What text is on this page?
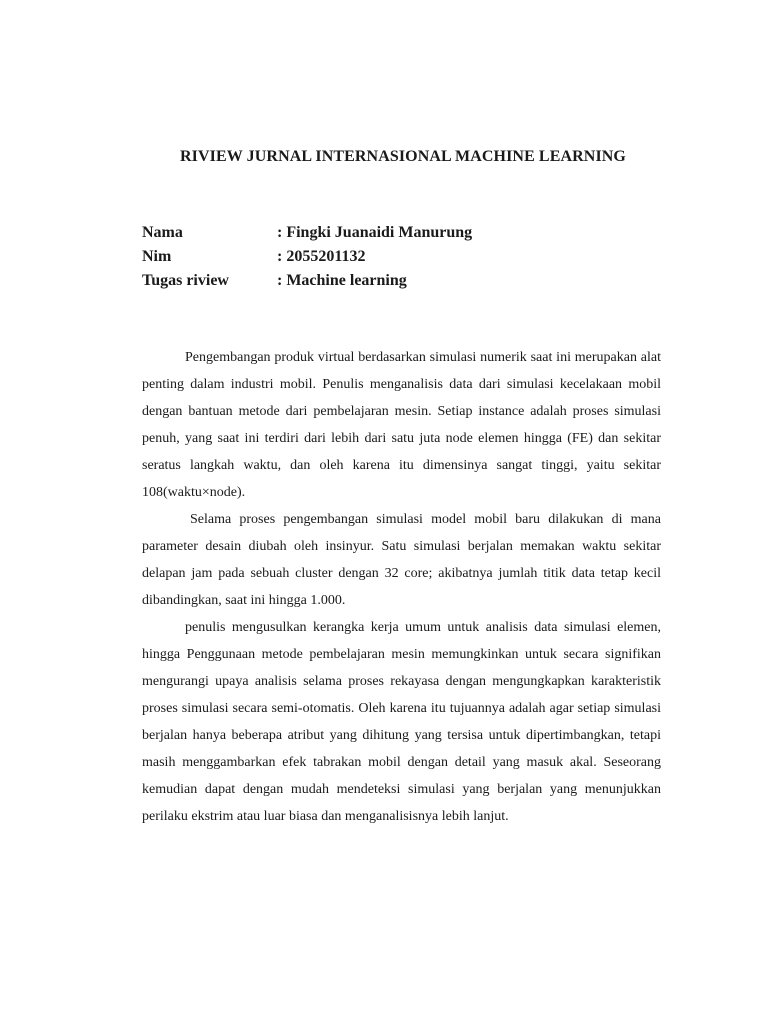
RIVIEW JURNAL INTERNASIONAL MACHINE LEARNING
Nama	: Fingki Juanaidi Manurung
Nim	: 2055201132
Tugas riview	: Machine learning

Pengembangan produk virtual berdasarkan simulasi numerik saat ini merupakan alat penting dalam industri mobil. Penulis menganalisis data dari simulasi kecelakaan mobil dengan bantuan metode dari pembelajaran mesin. Setiap instance adalah proses simulasi penuh, yang saat ini terdiri dari lebih dari satu juta node elemen hingga (FE) dan sekitar seratus langkah waktu, dan oleh karena itu dimensinya sangat tinggi, yaitu sekitar 108(waktu×node).

Selama proses pengembangan simulasi model mobil baru dilakukan di mana parameter desain diubah oleh insinyur. Satu simulasi berjalan memakan waktu sekitar delapan jam pada sebuah cluster dengan 32 core; akibatnya jumlah titik data tetap kecil dibandingkan, saat ini hingga 1.000.

penulis mengusulkan kerangka kerja umum untuk analisis data simulasi elemen, hingga Penggunaan metode pembelajaran mesin memungkinkan untuk secara signifikan mengurangi upaya analisis selama proses rekayasa dengan mengungkapkan karakteristik proses simulasi secara semi-otomatis. Oleh karena itu tujuannya adalah agar setiap simulasi berjalan hanya beberapa atribut yang dihitung yang tersisa untuk dipertimbangkan, tetapi masih menggambarkan efek tabrakan mobil dengan detail yang masuk akal. Seseorang kemudian dapat dengan mudah mendeteksi simulasi yang berjalan yang menunjukkan perilaku ekstrim atau luar biasa dan menganalisisnya lebih lanjut.
